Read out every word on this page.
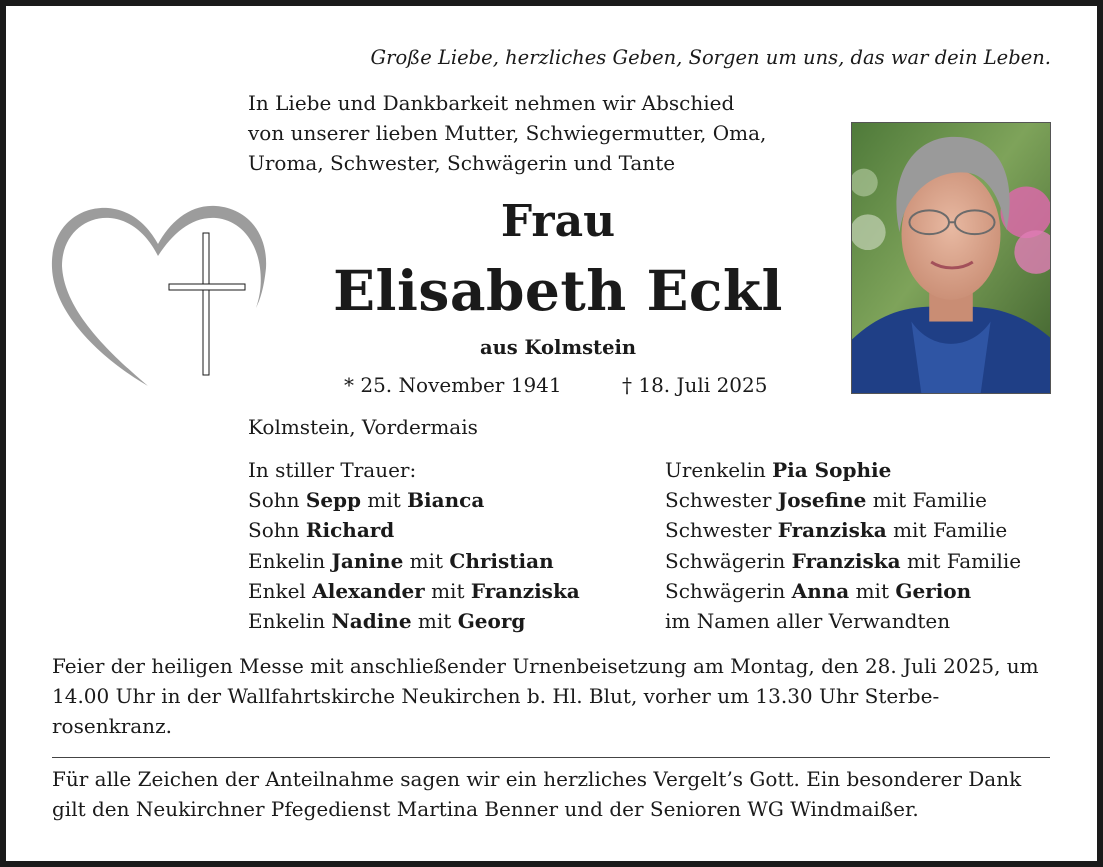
Große Liebe, herzliches Geben, Sorgen um uns, das war dein Leben.
In Liebe und Dankbarkeit nehmen wir Abschied
von unserer lieben Mutter, Schwiegermutter, Oma,
Uroma, Schwester, Schwägerin und Tante
Frau
Elisabeth Eckl
aus Kolmstein
* 25. November 1941	† 18. Juli 2025
Kolmstein, Vordermais
In stiller Trauer:
Sohn Sepp mit Bianca
Sohn Richard
Enkelin Janine mit Christian
Enkel Alexander mit Franziska
Enkelin Nadine mit Georg
Urenkelin Pia Sophie
Schwester Josefine mit Familie
Schwester Franziska mit Familie
Schwägerin Franziska mit Familie
Schwägerin Anna mit Gerion
im Namen aller Verwandten
Feier der heiligen Messe mit anschließender Urnenbeisetzung am Montag, den 28. Juli 2025, um 14.00 Uhr in der Wallfahrtskirche Neukirchen b. Hl. Blut, vorher um 13.30 Uhr Sterbe-rosenkranz.
Für alle Zeichen der Anteilnahme sagen wir ein herzliches Vergelt’s Gott. Ein besonderer Dank gilt den Neukirchner Pfegedienst Martina Benner und der Senioren WG Windmaißer.
